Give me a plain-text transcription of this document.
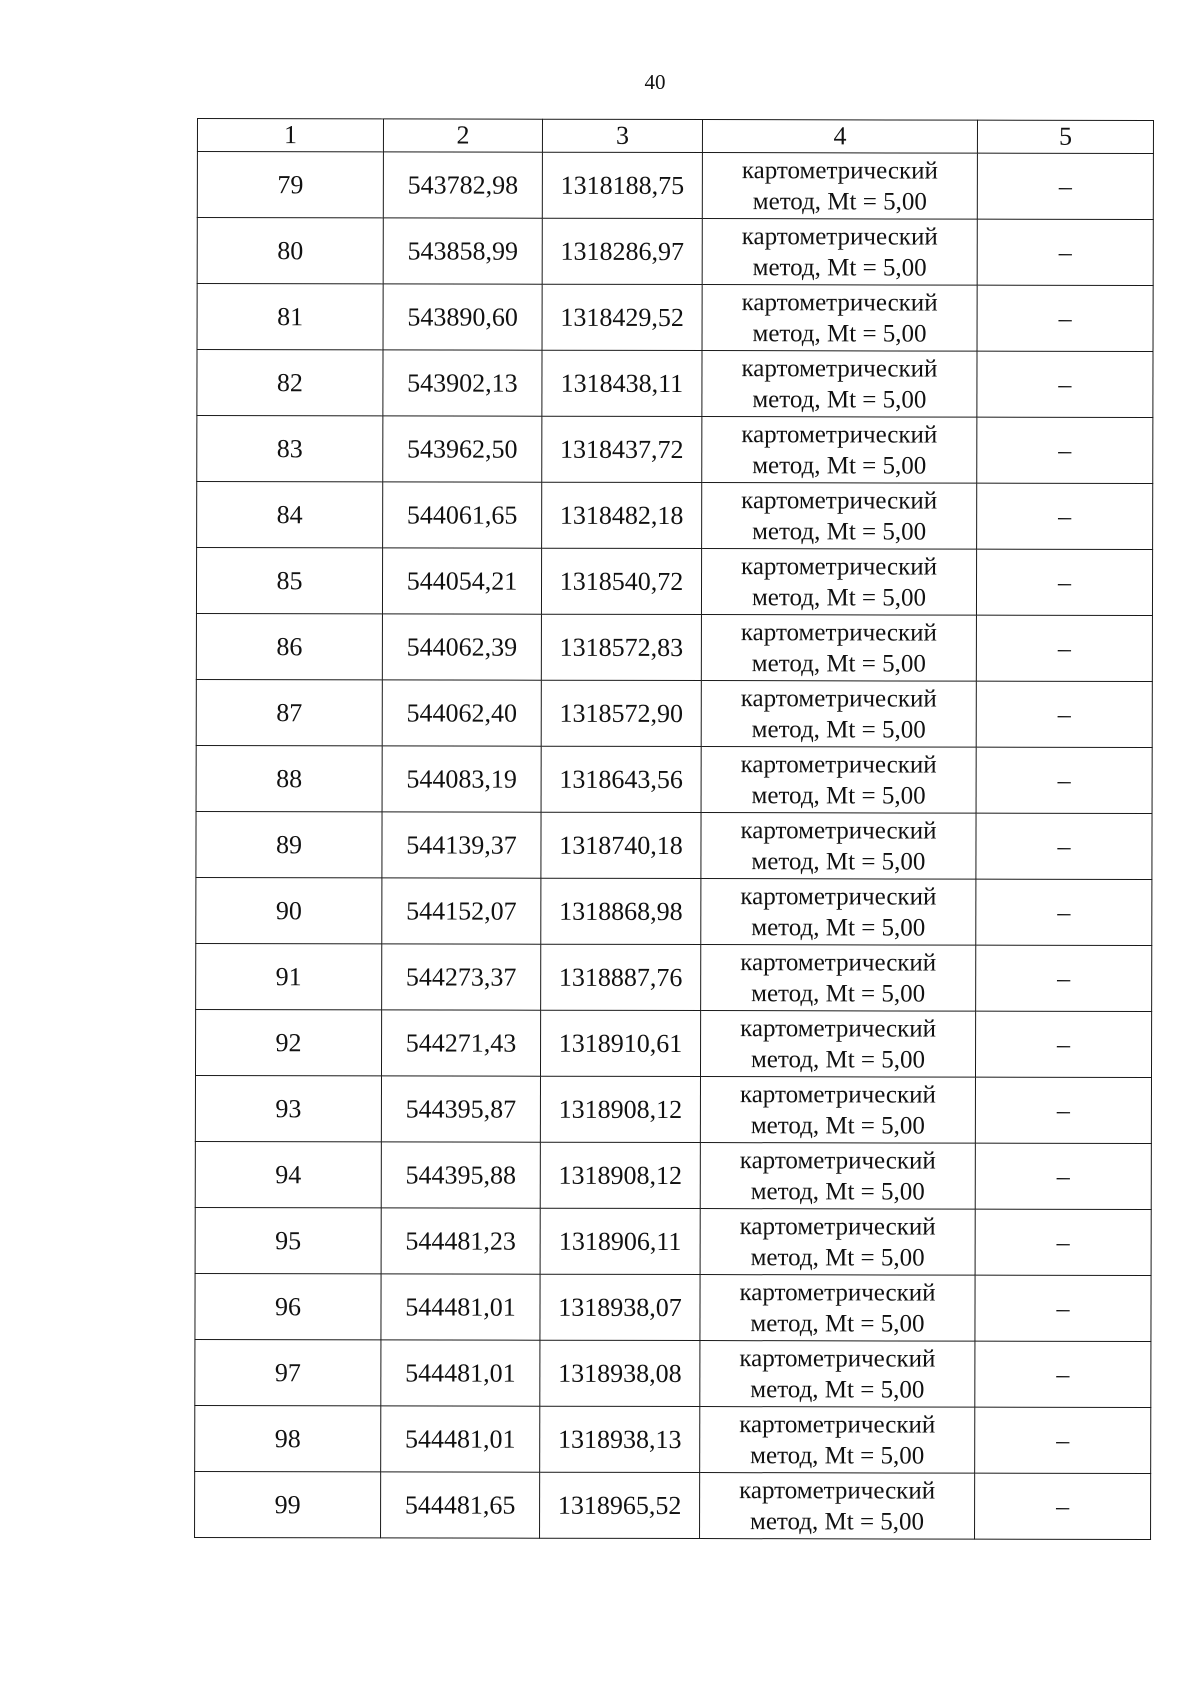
40
1	2	3	4	5
79	543782,98	1318188,75	картометрический
метод, Mt = 5,00	–
80	543858,99	1318286,97	картометрический
метод, Mt = 5,00	–
81	543890,60	1318429,52	картометрический
метод, Mt = 5,00	–
82	543902,13	1318438,11	картометрический
метод, Mt = 5,00	–
83	543962,50	1318437,72	картометрический
метод, Mt = 5,00	–
84	544061,65	1318482,18	картометрический
метод, Mt = 5,00	–
85	544054,21	1318540,72	картометрический
метод, Mt = 5,00	–
86	544062,39	1318572,83	картометрический
метод, Mt = 5,00	–
87	544062,40	1318572,90	картометрический
метод, Mt = 5,00	–
88	544083,19	1318643,56	картометрический
метод, Mt = 5,00	–
89	544139,37	1318740,18	картометрический
метод, Mt = 5,00	–
90	544152,07	1318868,98	картометрический
метод, Mt = 5,00	–
91	544273,37	1318887,76	картометрический
метод, Mt = 5,00	–
92	544271,43	1318910,61	картометрический
метод, Mt = 5,00	–
93	544395,87	1318908,12	картометрический
метод, Mt = 5,00	–
94	544395,88	1318908,12	картометрический
метод, Mt = 5,00	–
95	544481,23	1318906,11	картометрический
метод, Mt = 5,00	–
96	544481,01	1318938,07	картометрический
метод, Mt = 5,00	–
97	544481,01	1318938,08	картометрический
метод, Mt = 5,00	–
98	544481,01	1318938,13	картометрический
метод, Mt = 5,00	–
99	544481,65	1318965,52	картометрический
метод, Mt = 5,00	–
